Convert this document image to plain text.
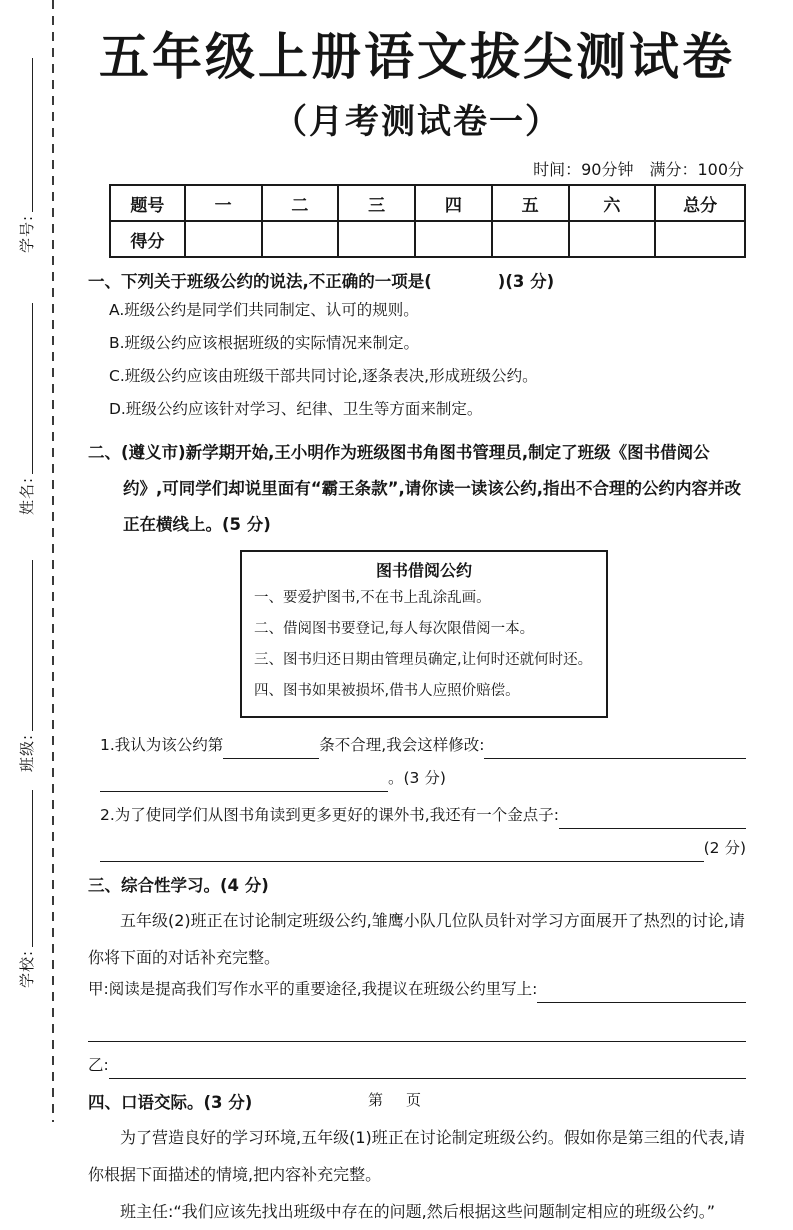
学号:
姓名:
班级:
学校:
五年级上册语文拔尖测试卷
（月考测试卷一）
时间：90分钟　满分：100分
题号	一	二	三	四	五	六	总分
得分							
一、下列关于班级公约的说法,不正确的一项是(　　　　)(3 分)
A.班级公约是同学们共同制定、认可的规则。
B.班级公约应该根据班级的实际情况来制定。
C.班级公约应该由班级干部共同讨论,逐条表决,形成班级公约。
D.班级公约应该针对学习、纪律、卫生等方面来制定。
二、(遵义市)新学期开始,王小明作为班级图书角图书管理员,制定了班级《图书借阅公约》,可同学们却说里面有“霸王条款”,请你读一读该公约,指出不合理的公约内容并改正在横线上。(5 分)
图书借阅公约
一、要爱护图书,不在书上乱涂乱画。
二、借阅图书要登记,每人每次限借阅一本。
三、图书归还日期由管理员确定,让何时还就何时还。
四、图书如果被损坏,借书人应照价赔偿。
1.我认为该公约第	条不合理,我会这样修改:
。(3 分)
2.为了使同学们从图书角读到更多更好的课外书,我还有一个金点子:
(2 分)
三、综合性学习。(4 分)
五年级(2)班正在讨论制定班级公约,雏鹰小队几位队员针对学习方面展开了热烈的讨论,请你将下面的对话补充完整。
甲:阅读是提高我们写作水平的重要途径,我提议在班级公约里写上:
乙:
四、口语交际。(3 分)
为了营造良好的学习环境,五年级(1)班正在讨论制定班级公约。假如你是第三组的代表,请你根据下面描述的情境,把内容补充完整。
班主任:“我们应该先找出班级中存在的问题,然后根据这些问题制定相应的班级公约。”
第　页
